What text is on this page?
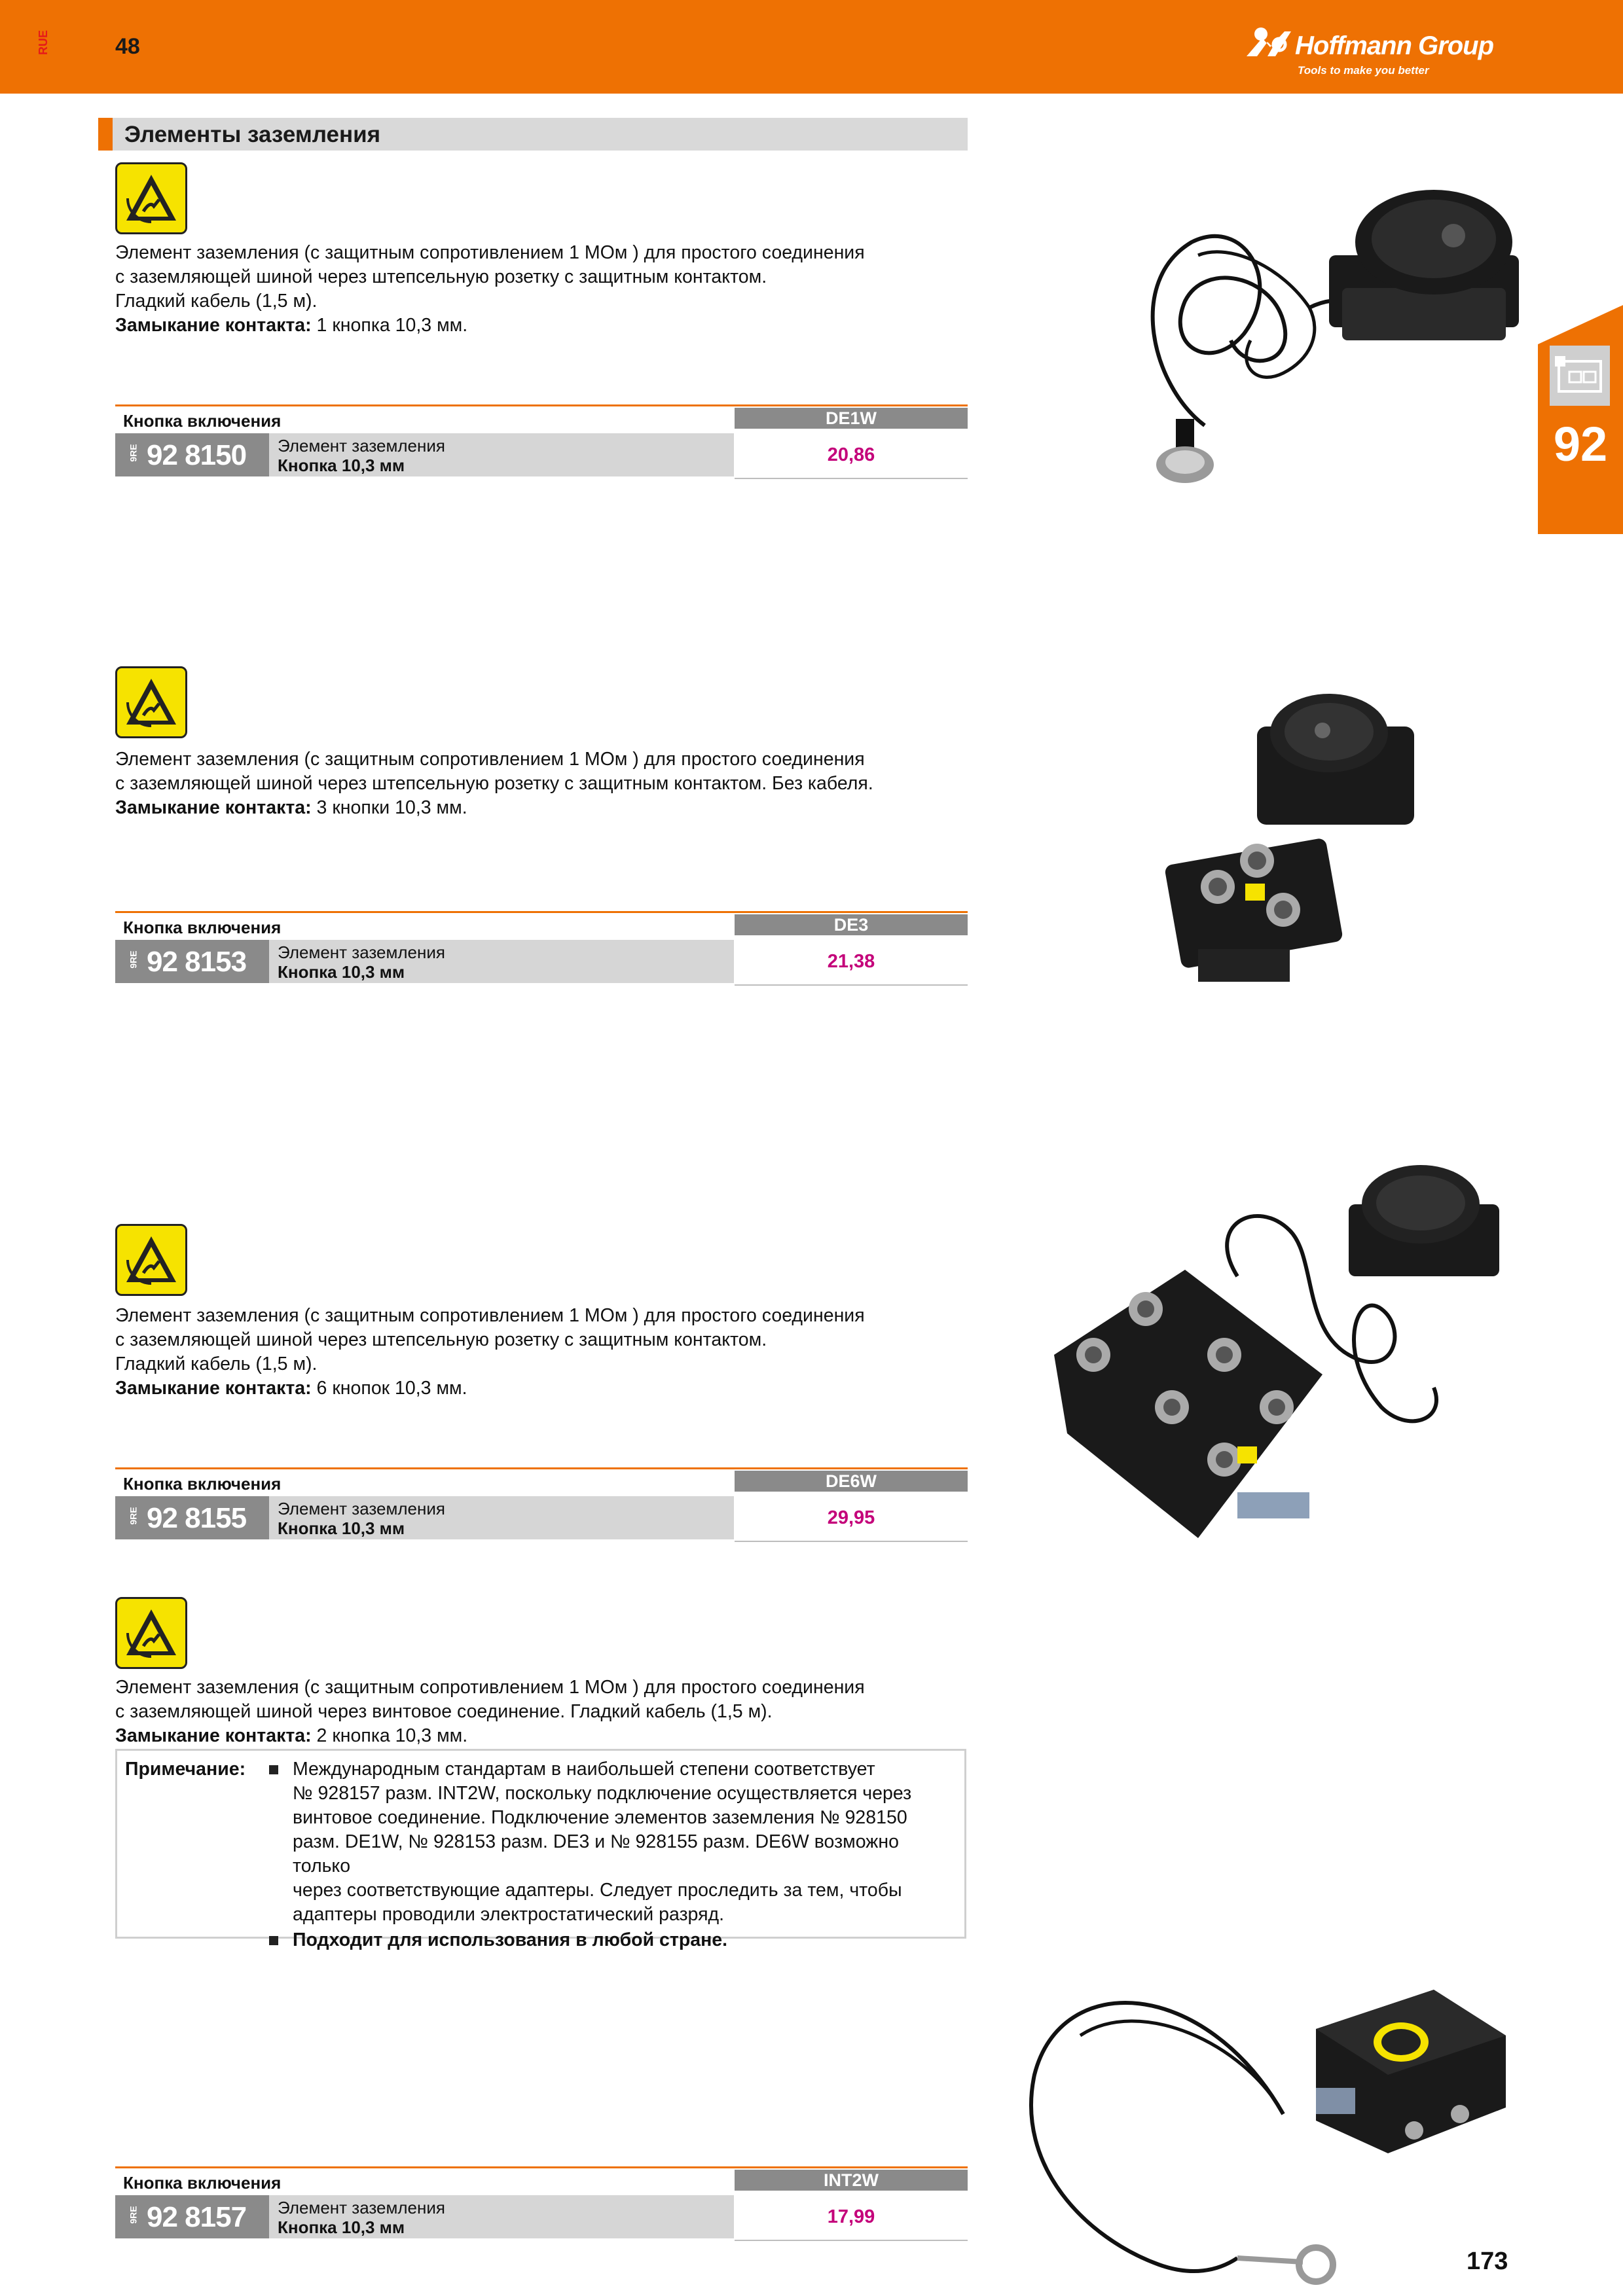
RUE	48	Hoffmann Group
Tools to make you better
92
Элементы заземления

Элемент заземления (с защитным сопротивлением 1 МОм ) для простого соединения

с заземляющей шиной через штепсельную розетку с защитным контактом.

Гладкий кабель (1,5 м).

Замыкание контакта: 1 кнопка 10,3 мм.

Кнопка включения	DE1W
9RE 92 8150 Элемент заземления
Кнопка 10,3 мм	20,86

Элемент заземления (с защитным сопротивлением 1 МОм ) для простого соединения

с заземляющей шиной через штепсельную розетку с защитным контактом. Без кабеля.

Замыкание контакта: 3 кнопки 10,3 мм.

Кнопка включения	DE3
9RE 92 8153 Элемент заземления
Кнопка 10,3 мм	21,38

Элемент заземления (с защитным сопротивлением 1 МОм ) для простого соединения

с заземляющей шиной через штепсельную розетку с защитным контактом.

Гладкий кабель (1,5 м).

Замыкание контакта: 6 кнопок 10,3 мм.

Кнопка включения	DE6W
9RE 92 8155 Элемент заземления
Кнопка 10,3 мм	29,95

Элемент заземления (с защитным сопротивлением 1 МОм ) для простого соединения

с заземляющей шиной через винтовое соединение. Гладкий кабель (1,5 м).

Замыкание контакта: 2 кнопка 10,3 мм.

Примечание:	Международным стандартам в наибольшей степени соответствует
№ 928157 разм. INT2W, поскольку подключение осуществляется через
винтовое соединение. Подключение элементов заземления № 928150
разм. DE1W, № 928153 разм. DE3 и № 928155 разм. DE6W возможно только
через соответствующие адаптеры. Следует проследить за тем, чтобы
адаптеры проводили электростатический разряд.
Подходит для использования в любой стране.
Кнопка включения	INT2W
9RE 92 8157 Элемент заземления
Кнопка 10,3 мм	17,99
173
